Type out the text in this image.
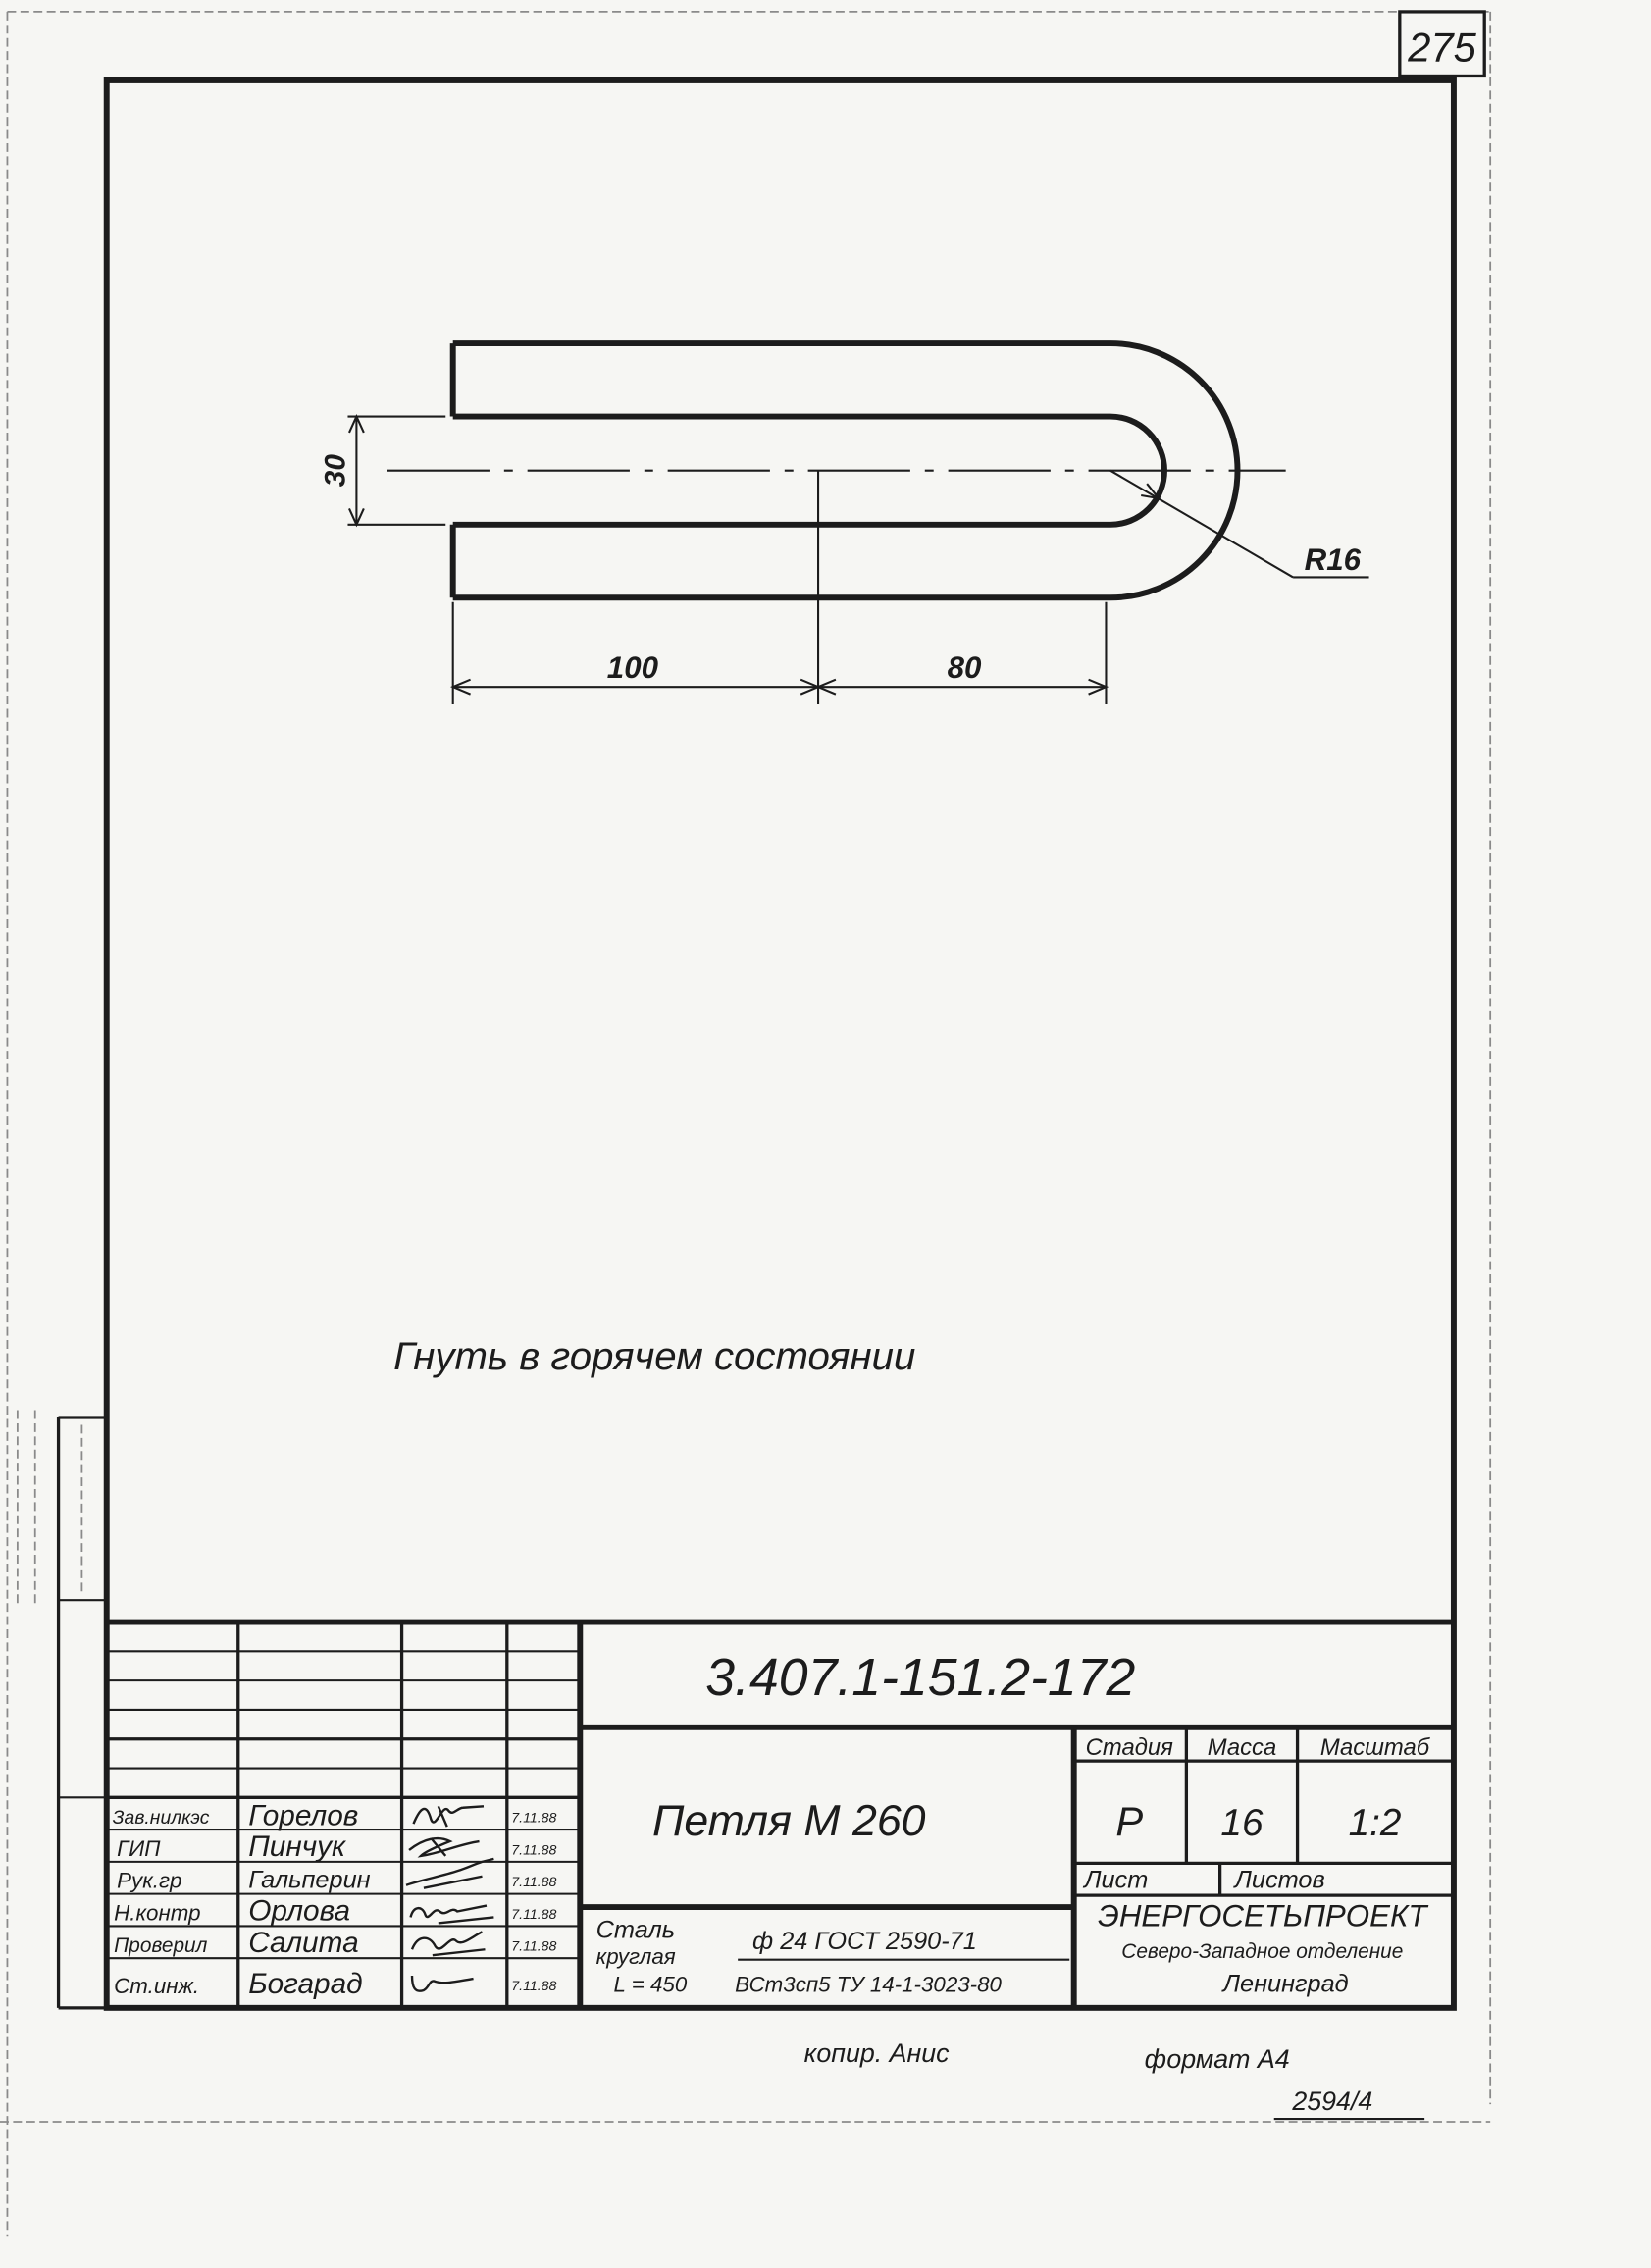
275
30
R16
100	80
Гнуть в горячем состоянии
3.407.1-151.2-172
Петля М 260
Стадия Масса	Масштаб
Р	16	1:2
Лист	Листов
ЭНЕРГОСЕТЬПРОЕКТ
Северо-Западное отделение
Ленинград
Сталь
круглая
L = 450
ф 24 ГОСТ 2590-71
ВСт3сп5 ТУ 14-1-3023-80
Зав.нилкэс Горелов	7.11.88
ГИП	Пинчук	7.11.88
Рук.гр	Гальперин	7.11.88
Н.контр Орлова	7.11.88
Проверил Салита	7.11.88
Ст.инж.	Богарад	7.11.88
копир. Анис	формат А4
2594/4
